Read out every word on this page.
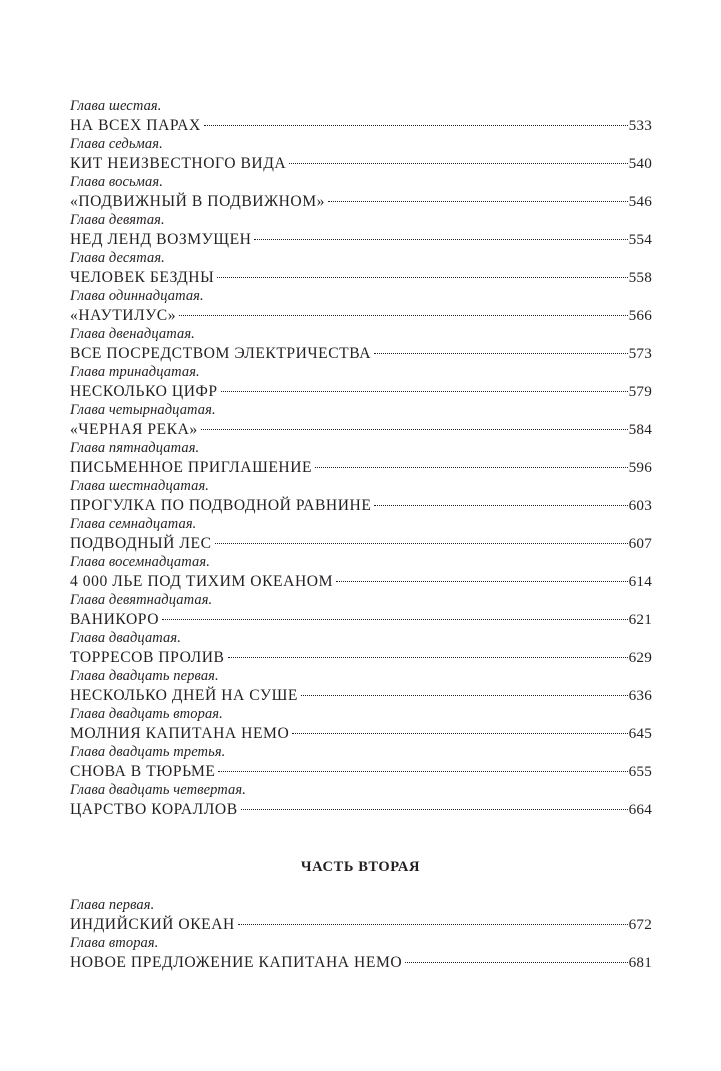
Глава шестая.
НА ВСЕХ ПАРАХ	533
Глава седьмая.
КИТ НЕИЗВЕСТНОГО ВИДА	540
Глава восьмая.
«ПОДВИЖНЫЙ В ПОДВИЖНОМ»	546
Глава девятая.
НЕД ЛЕНД ВОЗМУЩЕН	554
Глава десятая.
ЧЕЛОВЕК БЕЗДНЫ	558
Глава одиннадцатая.
«НАУТИЛУС»	566
Глава двенадцатая.
ВСЕ ПОСРЕДСТВОМ ЭЛЕКТРИЧЕСТВА	573
Глава тринадцатая.
НЕСКОЛЬКО ЦИФР	579
Глава четырнадцатая.
«ЧЕРНАЯ РЕКА»	584
Глава пятнадцатая.
ПИСЬМЕННОЕ ПРИГЛАШЕНИЕ	596
Глава шестнадцатая.
ПРОГУЛКА ПО ПОДВОДНОЙ РАВНИНЕ	603
Глава семнадцатая.
ПОДВОДНЫЙ ЛЕС	607
Глава восемнадцатая.
4 000 ЛЬЕ ПОД ТИХИМ ОКЕАНОМ	614
Глава девятнадцатая.
ВАНИКОРО	621
Глава двадцатая.
ТОРРЕСОВ ПРОЛИВ	629
Глава двадцать первая.
НЕСКОЛЬКО ДНЕЙ НА СУШЕ	636
Глава двадцать вторая.
МОЛНИЯ КАПИТАНА НЕМО	645
Глава двадцать третья.
СНОВА В ТЮРЬМЕ	655
Глава двадцать четвертая.
ЦАРСТВО КОРАЛЛОВ	664
ЧАСТЬ ВТОРАЯ
Глава первая.
ИНДИЙСКИЙ ОКЕАН	672
Глава вторая.
НОВОЕ ПРЕДЛОЖЕНИЕ КАПИТАНА НЕМО	681
